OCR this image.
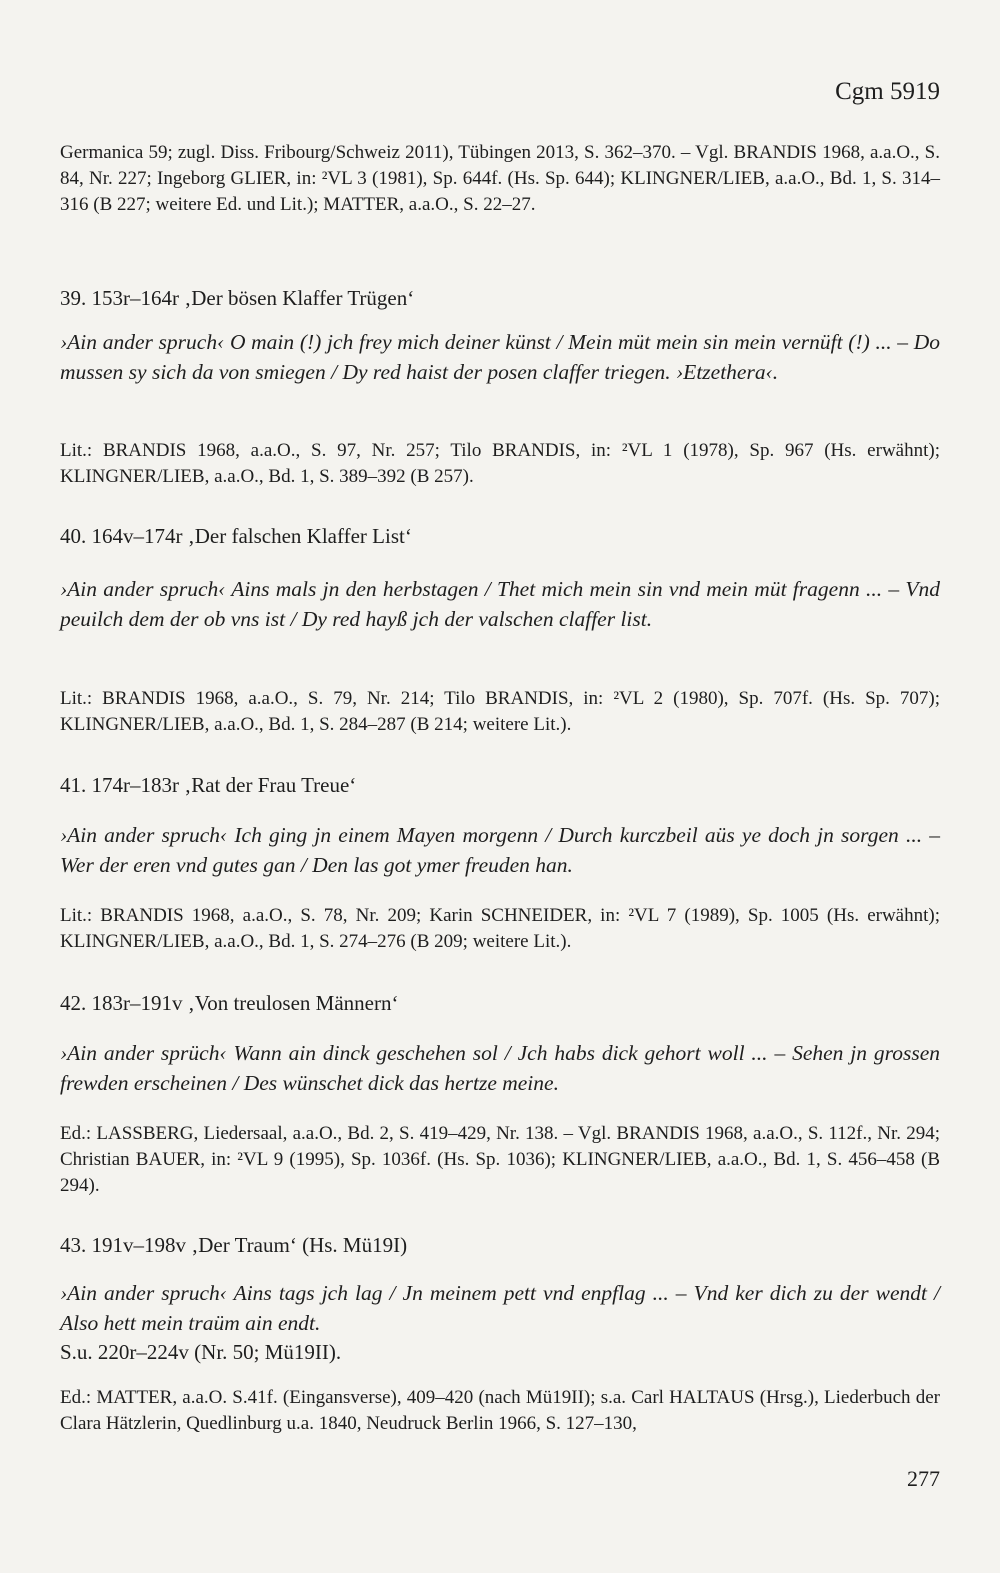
Cgm 5919
Germanica 59; zugl. Diss. Fribourg/Schweiz 2011), Tübingen 2013, S. 362–370. – Vgl. BRANDIS 1968, a.a.O., S. 84, Nr. 227; Ingeborg GLIER, in: ²VL 3 (1981), Sp. 644f. (Hs. Sp. 644); KLINGNER/LIEB, a.a.O., Bd. 1, S. 314–316 (B 227; weitere Ed. und Lit.); MATTER, a.a.O., S. 22–27.
39. 153r–164r ‚Der bösen Klaffer Trügen‘
›Ain ander spruch‹ O main (!) jch frey mich deiner künst / Mein müt mein sin mein vernüft (!) ... – Do mussen sy sich da von smiegen / Dy red haist der posen claffer triegen. ›Etzethera‹.
Lit.: BRANDIS 1968, a.a.O., S. 97, Nr. 257; Tilo BRANDIS, in: ²VL 1 (1978), Sp. 967 (Hs. erwähnt); KLINGNER/LIEB, a.a.O., Bd. 1, S. 389–392 (B 257).
40. 164v–174r ‚Der falschen Klaffer List‘
›Ain ander spruch‹ Ains mals jn den herbstagen / Thet mich mein sin vnd mein müt fragenn ... – Vnd peuilch dem der ob vns ist / Dy red hayß jch der valschen claffer list.
Lit.: BRANDIS 1968, a.a.O., S. 79, Nr. 214; Tilo BRANDIS, in: ²VL 2 (1980), Sp. 707f. (Hs. Sp. 707); KLINGNER/LIEB, a.a.O., Bd. 1, S. 284–287 (B 214; weitere Lit.).
41. 174r–183r ‚Rat der Frau Treue‘
›Ain ander spruch‹ Ich ging jn einem Mayen morgenn / Durch kurczbeil aüs ye doch jn sorgen ... – Wer der eren vnd gutes gan / Den las got ymer freuden han.
Lit.: BRANDIS 1968, a.a.O., S. 78, Nr. 209; Karin SCHNEIDER, in: ²VL 7 (1989), Sp. 1005 (Hs. erwähnt); KLINGNER/LIEB, a.a.O., Bd. 1, S. 274–276 (B 209; weitere Lit.).
42. 183r–191v ‚Von treulosen Männern‘
›Ain ander sprüch‹ Wann ain dinck geschehen sol / Jch habs dick gehort woll ... – Sehen jn grossen frewden erscheinen / Des wünschet dick das hertze meine.
Ed.: LASSBERG, Liedersaal, a.a.O., Bd. 2, S. 419–429, Nr. 138. – Vgl. BRANDIS 1968, a.a.O., S. 112f., Nr. 294; Christian BAUER, in: ²VL 9 (1995), Sp. 1036f. (Hs. Sp. 1036); KLINGNER/LIEB, a.a.O., Bd. 1, S. 456–458 (B 294).
43. 191v–198v ‚Der Traum‘ (Hs. Mü19I)
›Ain ander spruch‹ Ains tags jch lag / Jn meinem pett vnd enpflag ... – Vnd ker dich zu der wendt / Also hett mein traüm ain endt.
S.u. 220r–224v (Nr. 50; Mü19II).
Ed.: MATTER, a.a.O. S.41f. (Eingansverse), 409–420 (nach Mü19II); s.a. Carl HALTAUS (Hrsg.), Liederbuch der Clara Hätzlerin, Quedlinburg u.a. 1840, Neudruck Berlin 1966, S. 127–130,
277
